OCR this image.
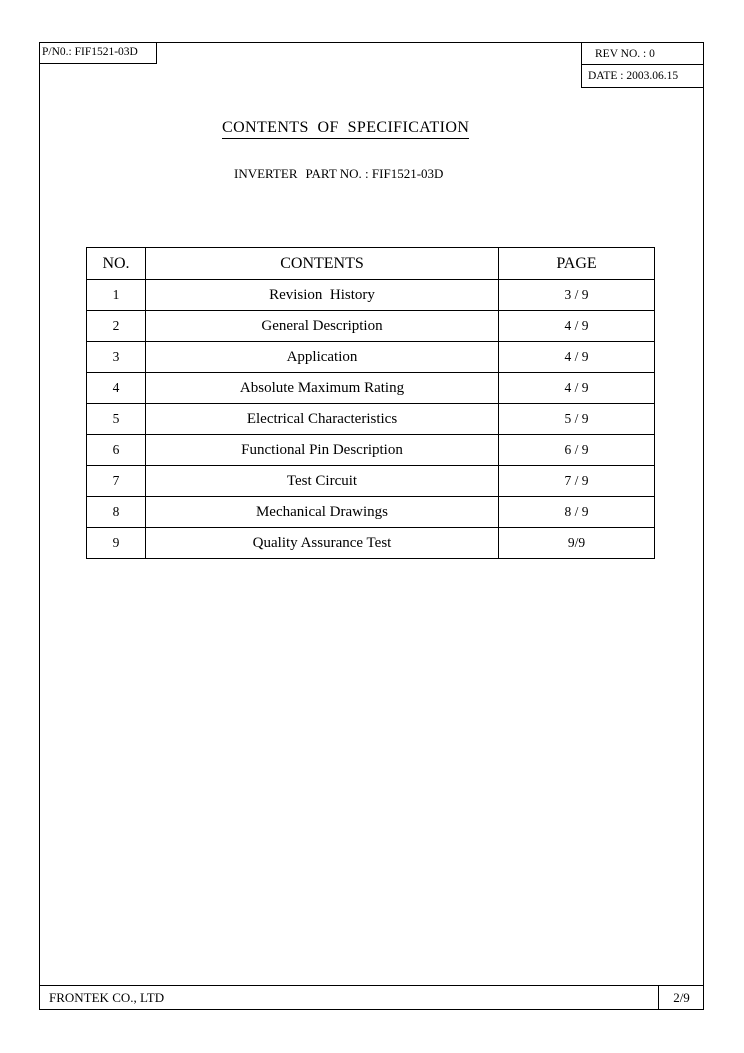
P/N0.: FIF1521-03D	REV NO. : 0
DATE : 2003.06.15
CONTENTS  OF  SPECIFICATION
INVERTER PART NO. : FIF1521-03D
NO.	CONTENTS	PAGE
1	Revision  History	3 / 9
2	General Description	4 / 9
3	Application	4 / 9
4	Absolute Maximum Rating	4 / 9
5	Electrical Characteristics	5 / 9
6	Functional Pin Description	6 / 9
7	Test Circuit	7 / 9
8	Mechanical Drawings	8 / 9
9	Quality Assurance Test	9/9
FRONTEK CO., LTD	2/9
